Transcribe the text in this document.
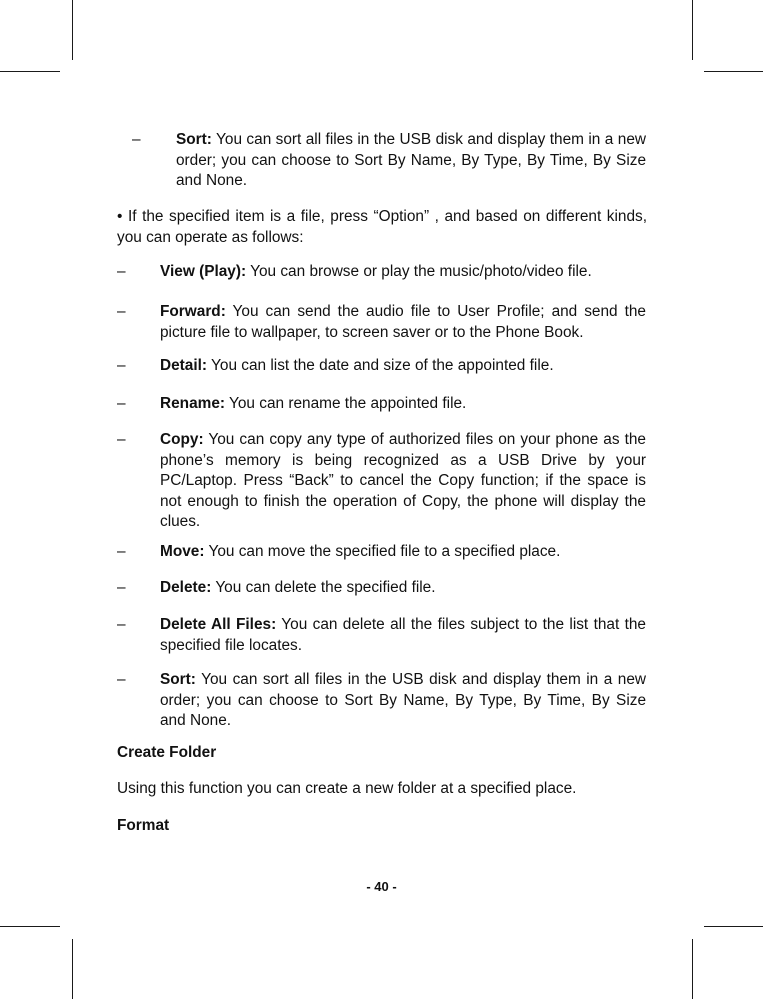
– Sort: You can sort all files in the USB disk and display them in a new order; you can choose to Sort By Name, By Type, By Time, By Size and None.
• If the specified item is a file, press “Option” , and based on different kinds, you can operate as follows:
– View (Play): You can browse or play the music/photo/video file.
– Forward: You can send the audio file to User Profile; and send the picture file to wallpaper, to screen saver or to the Phone Book.
– Detail: You can list the date and size of the appointed file.
– Rename: You can rename the appointed file.
– Copy: You can copy any type of authorized files on your phone as the phone’s memory is being recognized as a USB Drive by your PC/Laptop. Press “Back” to cancel the Copy function; if the space is not enough to finish the operation of Copy, the phone will display the clues.
– Move: You can move the specified file to a specified place.
– Delete: You can delete the specified file.
– Delete All Files: You can delete all the files subject to the list that the specified file locates.
– Sort: You can sort all files in the USB disk and display them in a new order; you can choose to Sort By Name, By Type, By Time, By Size and None.
Create Folder
Using this function you can create a new folder at a specified place.
Format
- 40 -
